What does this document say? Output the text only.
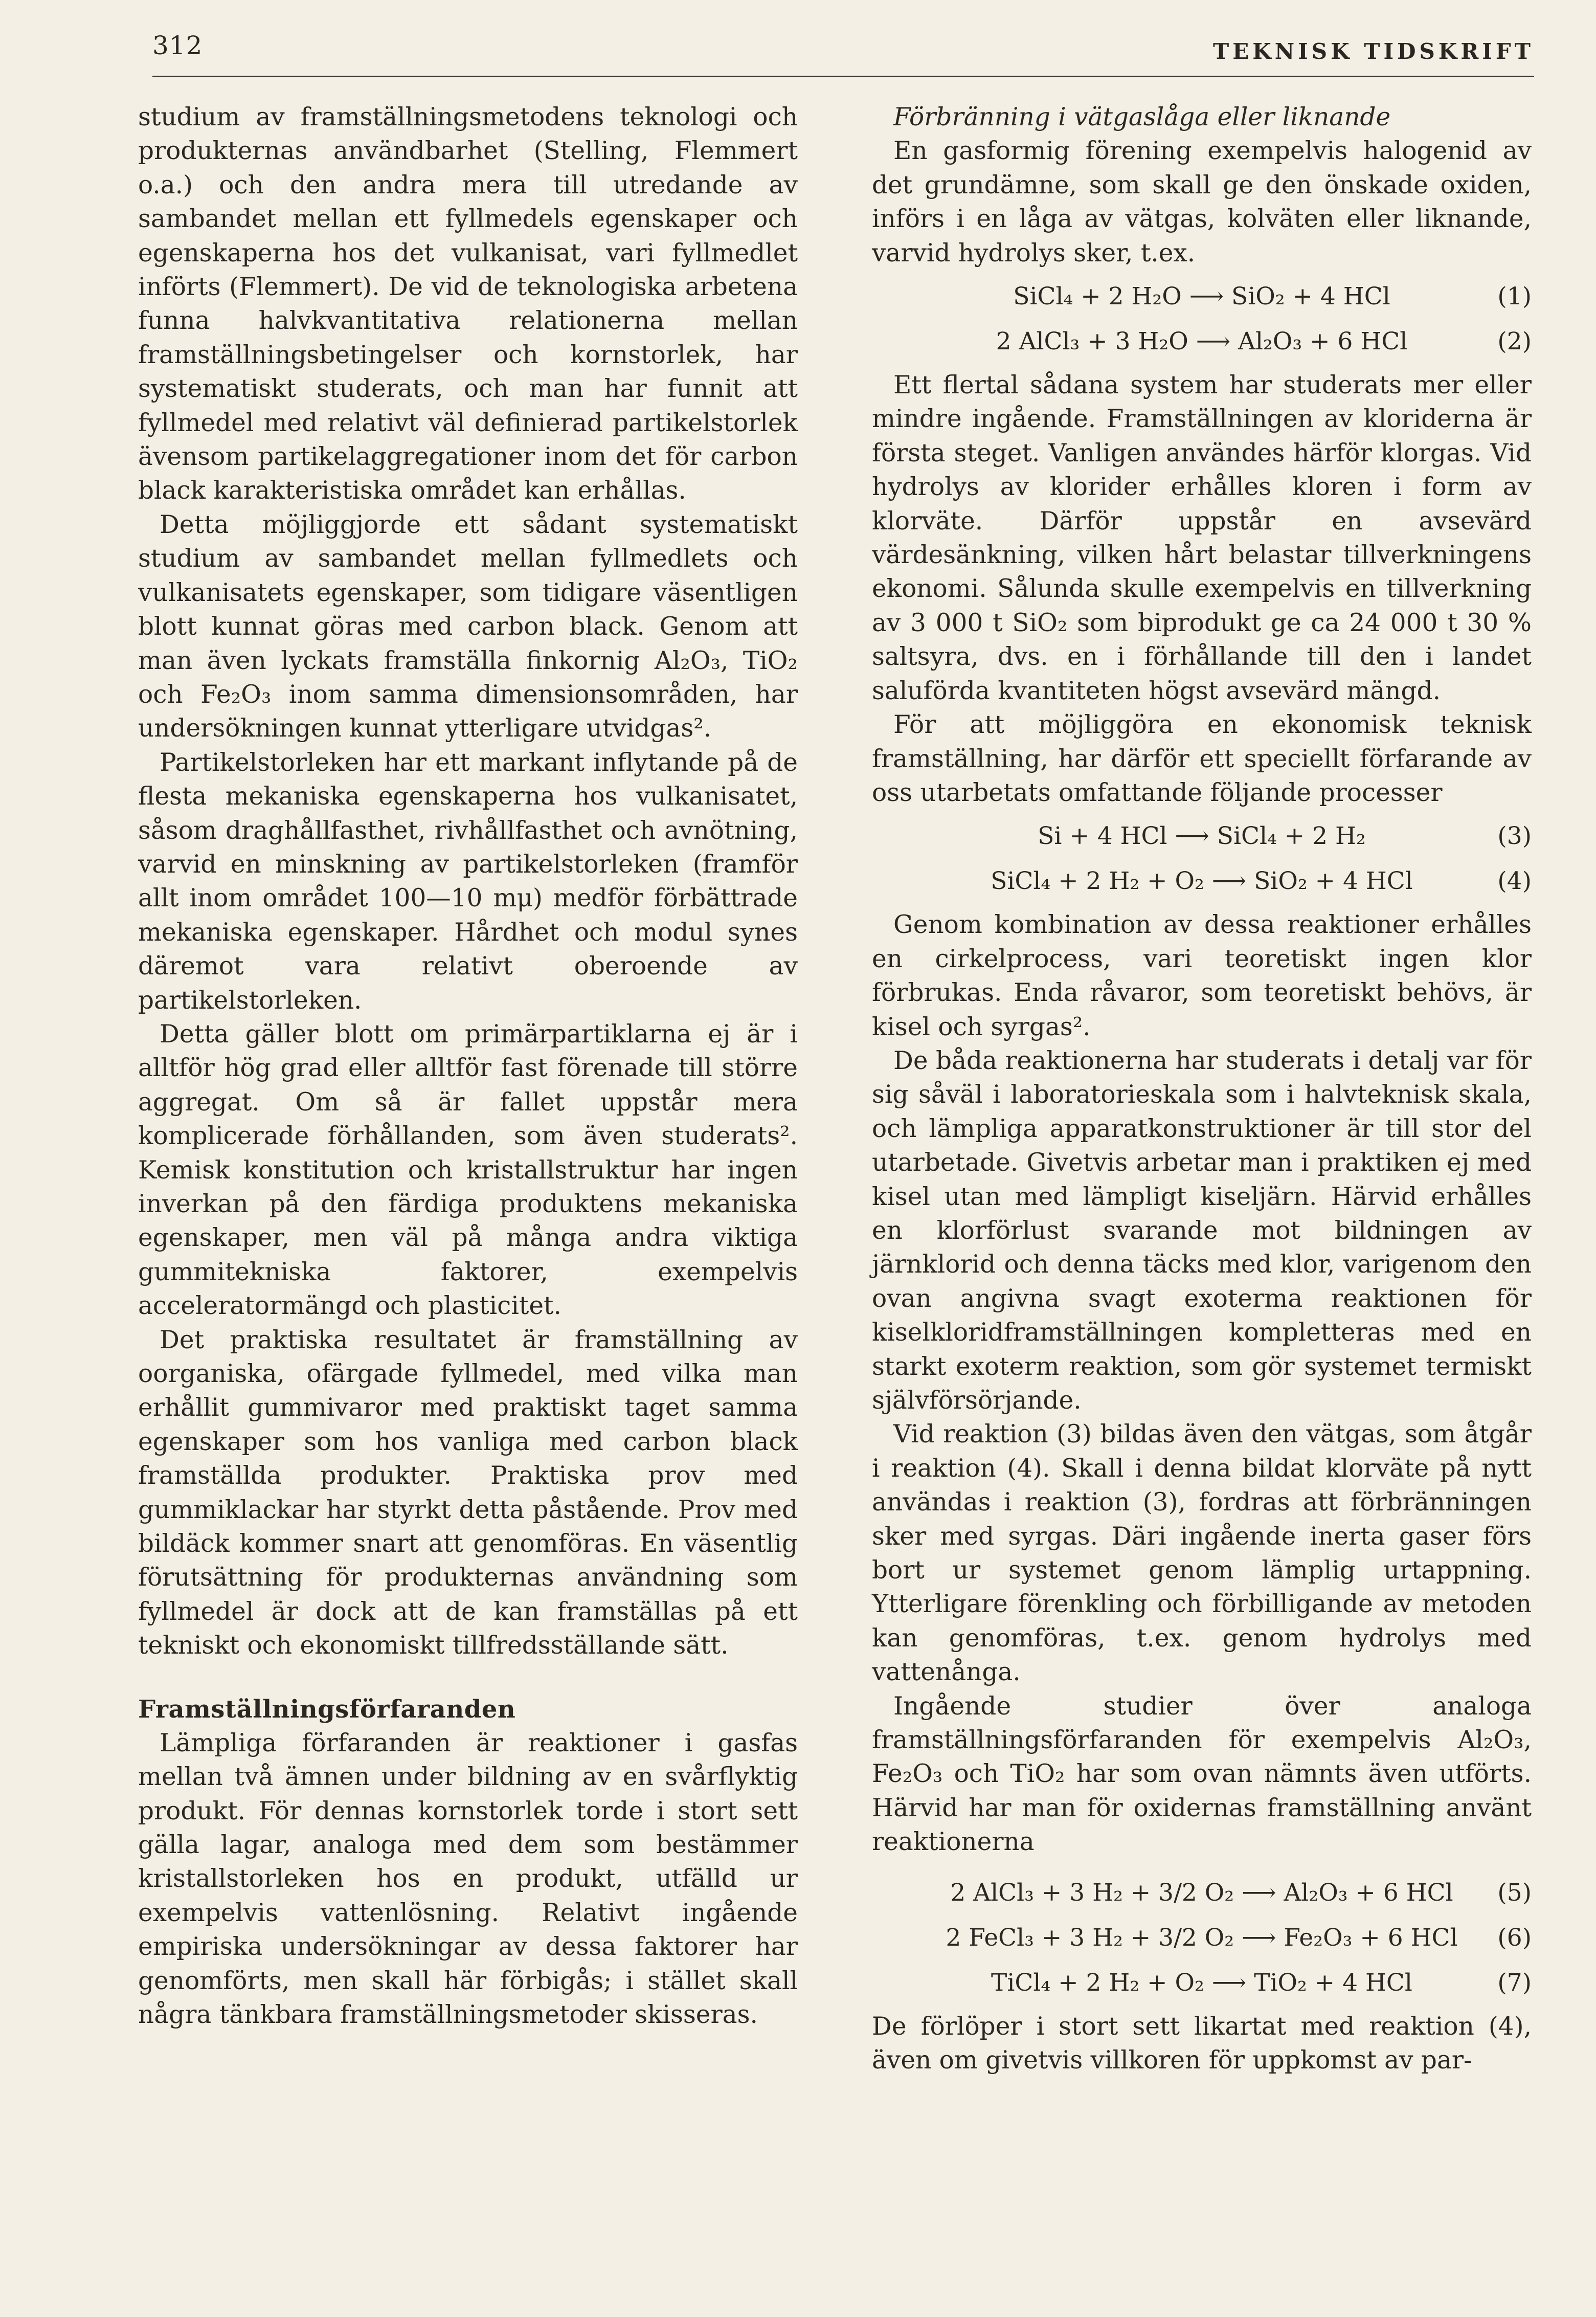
312	TEKNISK TIDSKRIFT

studium av framställningsmetodens teknologi och produkternas användbarhet (Stelling, Flemmert o.a.) och den andra mera till utredande av sambandet mellan ett fyllmedels egenskaper och egenskaperna hos det vulkanisat, vari fyllmedlet införts (Flemmert). De vid de teknologiska arbetena funna halvkvantitativa relationerna mellan framställningsbetingelser och kornstorlek, har systematiskt studerats, och man har funnit att fyllmedel med relativt väl definierad partikelstorlek ävensom partikelaggregationer inom det för carbon black karakteristiska området kan erhållas.

Detta möjliggjorde ett sådant systematiskt studium av sambandet mellan fyllmedlets och vulkanisatets egenskaper, som tidigare väsentligen blott kunnat göras med carbon black. Genom att man även lyckats framställa finkornig Al₂O₃, TiO₂ och Fe₂O₃ inom samma dimensionsområden, har undersökningen kunnat ytterligare utvidgas².

Partikelstorleken har ett markant inflytande på de flesta mekaniska egenskaperna hos vulkanisatet, såsom draghållfasthet, rivhållfasthet och avnötning, varvid en minskning av partikelstorleken (framför allt inom området 100—10 mμ) medför förbättrade mekaniska egenskaper. Hårdhet och modul synes däremot vara relativt oberoende av partikelstorleken.

Detta gäller blott om primärpartiklarna ej är i alltför hög grad eller alltför fast förenade till större aggregat. Om så är fallet uppstår mera komplicerade förhållanden, som även studerats². Kemisk konstitution och kristallstruktur har ingen inverkan på den färdiga produktens mekaniska egenskaper, men väl på många andra viktiga gummitekniska faktorer, exempelvis acceleratormängd och plasticitet.

Det praktiska resultatet är framställning av oorganiska, ofärgade fyllmedel, med vilka man erhållit gummivaror med praktiskt taget samma egenskaper som hos vanliga med carbon black framställda produkter. Praktiska prov med gummiklackar har styrkt detta påstående. Prov med bildäck kommer snart att genomföras. En väsentlig förutsättning för produkternas användning som fyllmedel är dock att de kan framställas på ett tekniskt och ekonomiskt tillfredsställande sätt.

Framställningsförfaranden

Lämpliga förfaranden är reaktioner i gasfas mellan två ämnen under bildning av en svårflyktig produkt. För dennas kornstorlek torde i stort sett gälla lagar, analoga med dem som bestämmer kristallstorleken hos en produkt, utfälld ur exempelvis vattenlösning. Relativt ingående empiriska undersökningar av dessa faktorer har genomförts, men skall här förbigås; i stället skall några tänkbara framställningsmetoder skisseras.

Förbränning i vätgaslåga eller liknande

En gasformig förening exempelvis halogenid av det grundämne, som skall ge den önskade oxiden, införs i en låga av vätgas, kolväten eller liknande, varvid hydrolys sker, t.ex.

SiCl₄ + 2 H₂O ⟶ SiO₂ + 4 HCl	(1)
2 AlCl₃ + 3 H₂O ⟶ Al₂O₃ + 6 HCl	(2)

Ett flertal sådana system har studerats mer eller mindre ingående. Framställningen av kloriderna är första steget. Vanligen användes härför klorgas. Vid hydrolys av klorider erhålles kloren i form av klorväte. Därför uppstår en avsevärd värdesänkning, vilken hårt belastar tillverkningens ekonomi. Sålunda skulle exempelvis en tillverkning av 3 000 t SiO₂ som biprodukt ge ca 24 000 t 30 % saltsyra, dvs. en i förhållande till den i landet saluförda kvantiteten högst avsevärd mängd.

För att möjliggöra en ekonomisk teknisk framställning, har därför ett speciellt förfarande av oss utarbetats omfattande följande processer

Si + 4 HCl ⟶ SiCl₄ + 2 H₂	(3)
SiCl₄ + 2 H₂ + O₂ ⟶ SiO₂ + 4 HCl	(4)

Genom kombination av dessa reaktioner erhålles en cirkelprocess, vari teoretiskt ingen klor förbrukas. Enda råvaror, som teoretiskt behövs, är kisel och syrgas².

De båda reaktionerna har studerats i detalj var för sig såväl i laboratorieskala som i halvteknisk skala, och lämpliga apparatkonstruktioner är till stor del utarbetade. Givetvis arbetar man i praktiken ej med kisel utan med lämpligt kiseljärn. Härvid erhålles en klorförlust svarande mot bildningen av järnklorid och denna täcks med klor, varigenom den ovan angivna svagt exoterma reaktionen för kiselkloridframställningen kompletteras med en starkt exoterm reaktion, som gör systemet termiskt självförsörjande.

Vid reaktion (3) bildas även den vätgas, som åtgår i reaktion (4). Skall i denna bildat klorväte på nytt användas i reaktion (3), fordras att förbränningen sker med syrgas. Däri ingående inerta gaser förs bort ur systemet genom lämplig urtappning. Ytterligare förenkling och förbilligande av metoden kan genomföras, t.ex. genom hydrolys med vattenånga.

Ingående studier över analoga framställningsförfaranden för exempelvis Al₂O₃, Fe₂O₃ och TiO₂ har som ovan nämnts även utförts. Härvid har man för oxidernas framställning använt reaktionerna

2 AlCl₃ + 3 H₂ + 3/2 O₂ ⟶ Al₂O₃ + 6 HCl (5)
2 FeCl₃ + 3 H₂ + 3/2 O₂ ⟶ Fe₂O₃ + 6 HCl (6)
TiCl₄ + 2 H₂ + O₂ ⟶ TiO₂ + 4 HCl	(7)

De förlöper i stort sett likartat med reaktion (4), även om givetvis villkoren för uppkomst av par-
